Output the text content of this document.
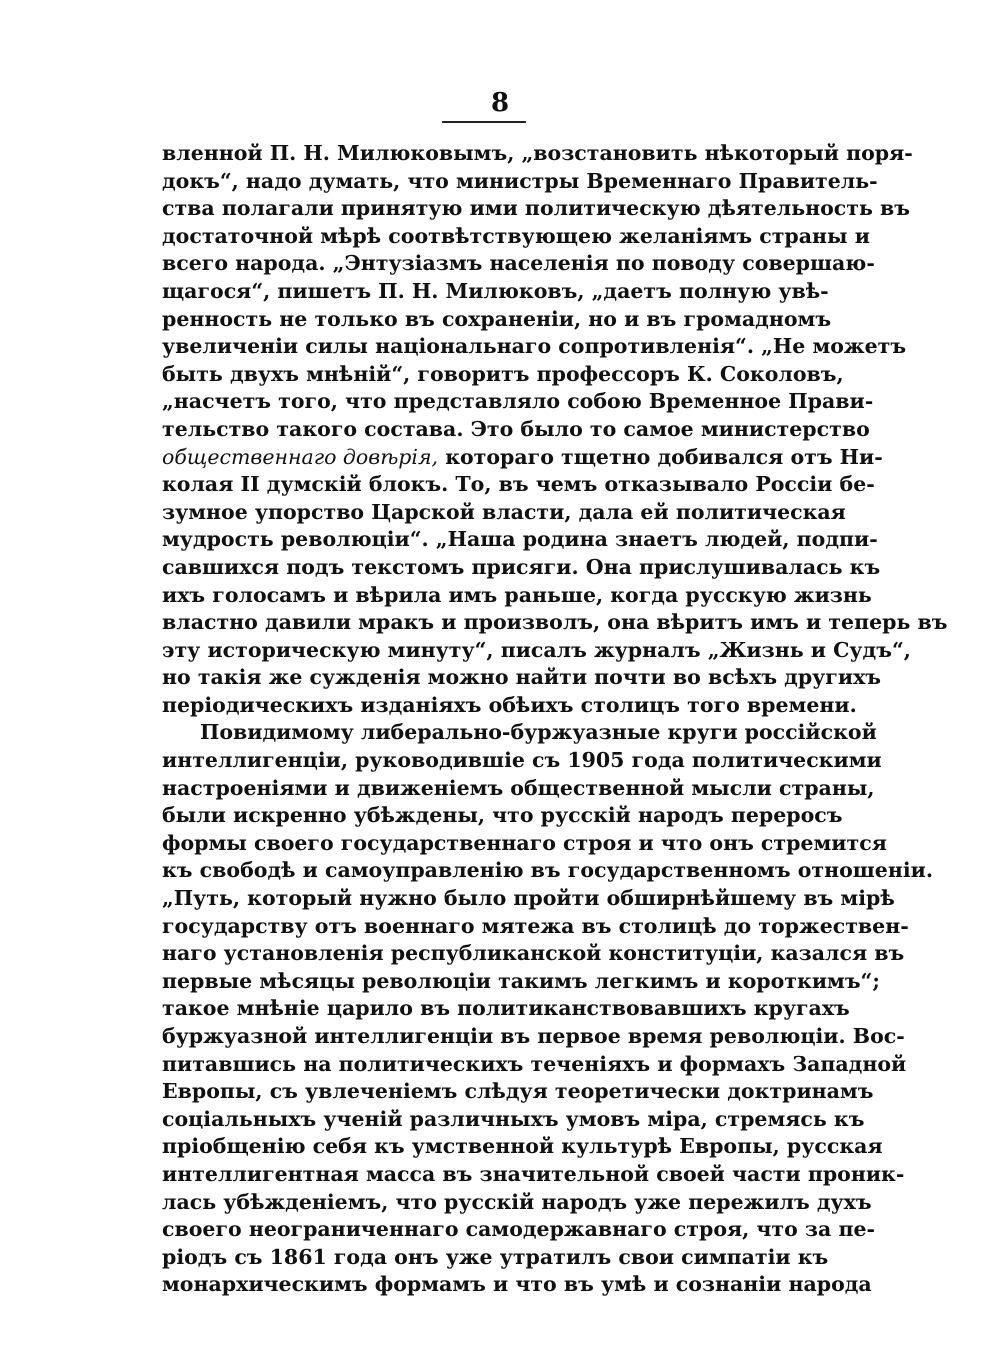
8
вленной П. Н. Милюковымъ, „возстановить нѣкоторый поря-
докъ“, надо думать, что министры Временнаго Правитель-
ства полагали принятую ими политическую дѣятельность въ
достаточной мѣрѣ соотвѣтствующею желаніямъ страны и
всего народа. „Энтузіазмъ населенія по поводу совершаю-
щагося“, пишетъ П. Н. Милюковъ, „даетъ полную увѣ-
ренность не только въ сохраненіи, но и въ громадномъ
увеличеніи силы національнаго сопротивленія“. „Не можетъ
быть двухъ мнѣній“, говоритъ профессоръ К. Соколовъ,
„насчетъ того, что представляло собою Временное Прави-
тельство такого состава. Это было то самое министерство
общественнаго довѣрія, котораго тщетно добивался отъ Ни-
колая II думскій блокъ. То, въ чемъ отказывало Россіи бе-
зумное упорство Царской власти, дала ей политическая
мудрость революціи“. „Наша родина знаетъ людей, подпи-
савшихся подъ текстомъ присяги. Она прислушивалась къ
ихъ голосамъ и вѣрила имъ раньше, когда русскую жизнь
властно давили мракъ и произволъ, она вѣритъ имъ и теперь въ
эту историческую минуту“, писалъ журналъ „Жизнь и Судъ“,
но такія же сужденія можно найти почти во всѣхъ другихъ
періодическихъ изданіяхъ обѣихъ столицъ того времени.
Повидимому либерально-буржуазные круги россійской
интеллигенціи, руководившіе съ 1905 года политическими
настроеніями и движеніемъ общественной мысли страны,
были искренно убѣждены, что русскій народъ переросъ
формы своего государственнаго строя и что онъ стремится
къ свободѣ и самоуправленію въ государственномъ отношеніи.
„Путь, который нужно было пройти обширнѣйшему въ мірѣ
государству отъ военнаго мятежа въ столицѣ до торжествен-
наго установленія республиканской конституціи, казался въ
первые мѣсяцы революціи такимъ легкимъ и короткимъ“;
такое мнѣніе царило въ политиканствовавшихъ кругахъ
буржуазной интеллигенціи въ первое время революціи. Вос-
питавшись на политическихъ теченіяхъ и формахъ Западной
Европы, съ увлеченіемъ слѣдуя теоретически доктринамъ
соціальныхъ ученій различныхъ умовъ міра, стремясь къ
пріобщенію себя къ умственной культурѣ Европы, русская
интеллигентная масса въ значительной своей части проник-
лась убѣжденіемъ, что русскій народъ уже пережилъ духъ
своего неограниченнаго самодержавнаго строя, что за пе-
ріодъ съ 1861 года онъ уже утратилъ свои симпатіи къ
монархическимъ формамъ и что въ умѣ и сознаніи народа
